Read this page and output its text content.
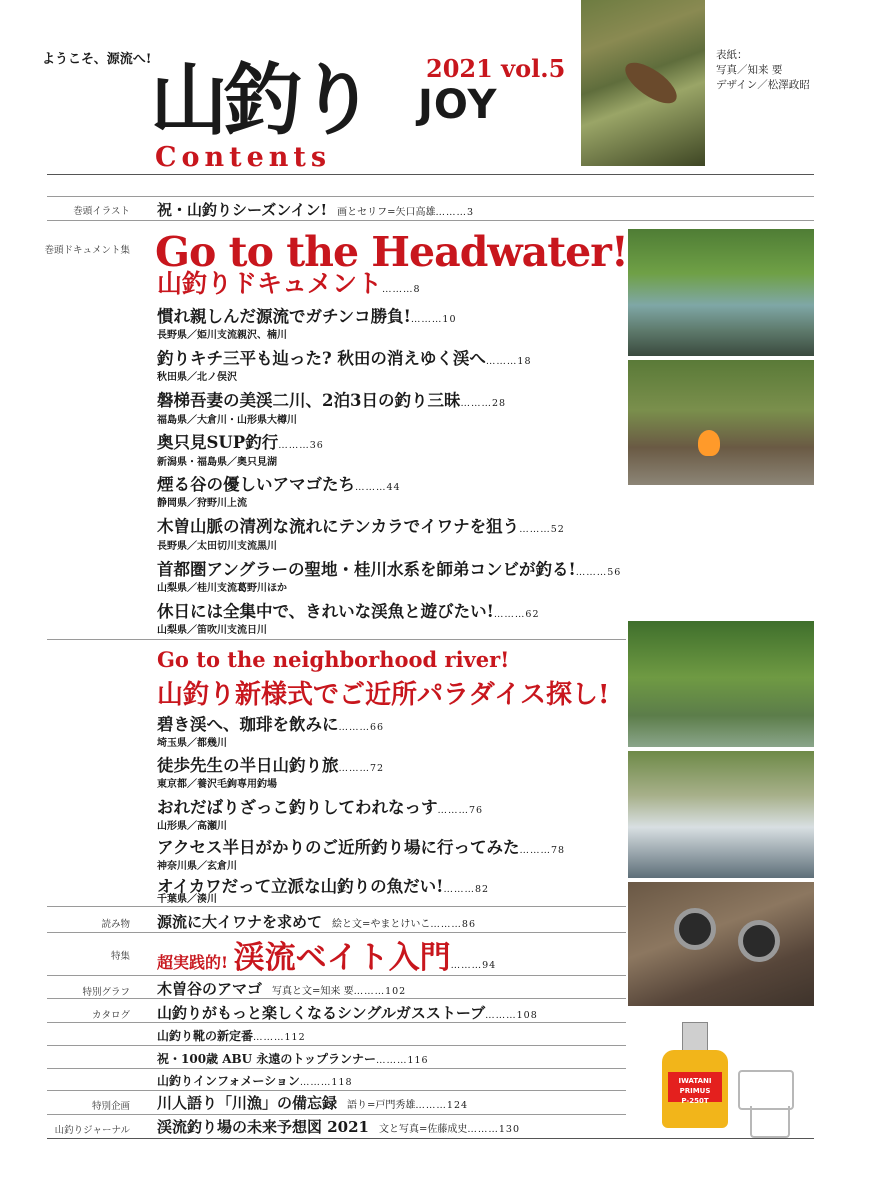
ようこそ、源流へ!
山釣り JOY
2021 vol.5
Contents
表紙：
写真／知来 要
デザイン／松澤政昭
巻頭イラスト 祝・山釣りシーズンイン! 画とセリフ=矢口高雄………3
巻頭ドキュメント集 Go to the Headwater!
山釣りドキュメント………8
慣れ親しんだ源流でガチンコ勝負!………10
長野県／姫川支流親沢、楠川
釣りキチ三平も辿った? 秋田の消えゆく渓へ………18
秋田県／北ノ俣沢
磐梯吾妻の美渓二川、2泊3日の釣り三昧………28
福島県／大倉川・山形県大樽川
奥只見SUP釣行………36
新潟県・福島県／奥只見湖
煙る谷の優しいアマゴたち………44
静岡県／狩野川上流
木曽山脈の清冽な流れにテンカラでイワナを狙う………52
長野県／太田切川支流黒川
首都圏アングラーの聖地・桂川水系を師弟コンビが釣る!………56
山梨県／桂川支流葛野川ほか
休日には全集中で、きれいな渓魚と遊びたい!………62
山梨県／笛吹川支流日川
Go to the neighborhood river!
山釣り新様式でご近所パラダイス探し!
碧き渓へ、珈琲を飲みに………66
埼玉県／都幾川
徒歩先生の半日山釣り旅………72
東京都／養沢毛鉤専用釣場
おれだばりざっこ釣りしてわれなっす………76
山形県／高瀬川
アクセス半日がかりのご近所釣り場に行ってみた………78
神奈川県／玄倉川
オイカワだって立派な山釣りの魚だい!………82
千葉県／湊川
読み物 源流に大イワナを求めて 絵と文=やまとけいこ………86
特集 超実践的! 渓流ベイト入門………94
特別グラフ 木曽谷のアマゴ 写真と文=知来 要………102
カタログ 山釣りがもっと楽しくなるシングルガスストーブ………108
山釣り靴の新定番………112
祝・100歳 ABU 永遠のトップランナー………116
山釣りインフォメーション………118
特別企画 川人語り「川漁」の備忘録 語り=戸門秀雄………124
山釣りジャーナル 渓流釣り場の未来予想図 2021 文と写真=佐藤成史………130
IWATANI
PRIMUS
P-250T
